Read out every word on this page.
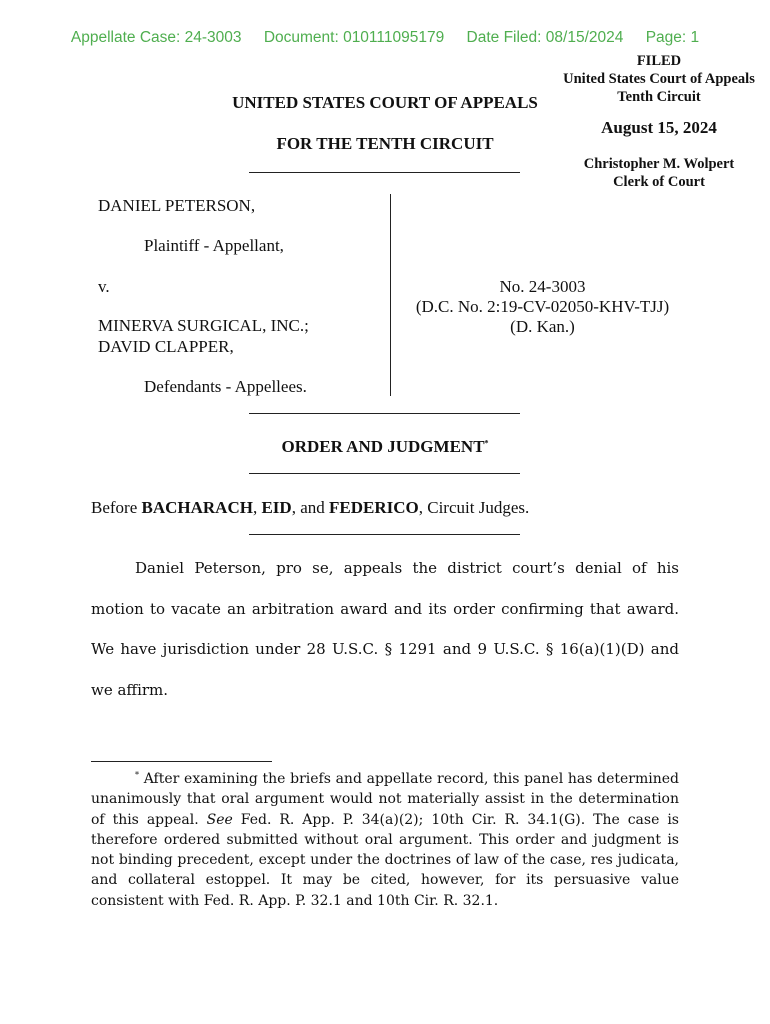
Appellate Case: 24-3003 Document: 010111095179 Date Filed: 08/15/2024 Page: 1
FILED
United States Court of Appeals
Tenth Circuit
August 15, 2024
Christopher M. Wolpert
Clerk of Court
UNITED STATES COURT OF APPEALS
FOR THE TENTH CIRCUIT
DANIEL PETERSON,
Plaintiff - Appellant,
v.
MINERVA SURGICAL, INC.;
DAVID CLAPPER,
Defendants - Appellees.
No. 24-3003
(D.C. No. 2:19-CV-02050-KHV-TJJ)
(D. Kan.)
ORDER AND JUDGMENT*
Before BACHARACH, EID, and FEDERICO, Circuit Judges.

Daniel Peterson, pro se, appeals the district court’s denial of his motion to vacate an arbitration award and its order confirming that award. We have jurisdiction under 28 U.S.C. § 1291 and 9 U.S.C. § 16(a)(1)(D) and we affirm.

* After examining the briefs and appellate record, this panel has determined unanimously that oral argument would not materially assist in the determination of this appeal. See Fed. R. App. P. 34(a)(2); 10th Cir. R. 34.1(G). The case is therefore ordered submitted without oral argument. This order and judgment is not binding precedent, except under the doctrines of law of the case, res judicata, and collateral estoppel. It may be cited, however, for its persuasive value consistent with Fed. R. App. P. 32.1 and 10th Cir. R. 32.1.
